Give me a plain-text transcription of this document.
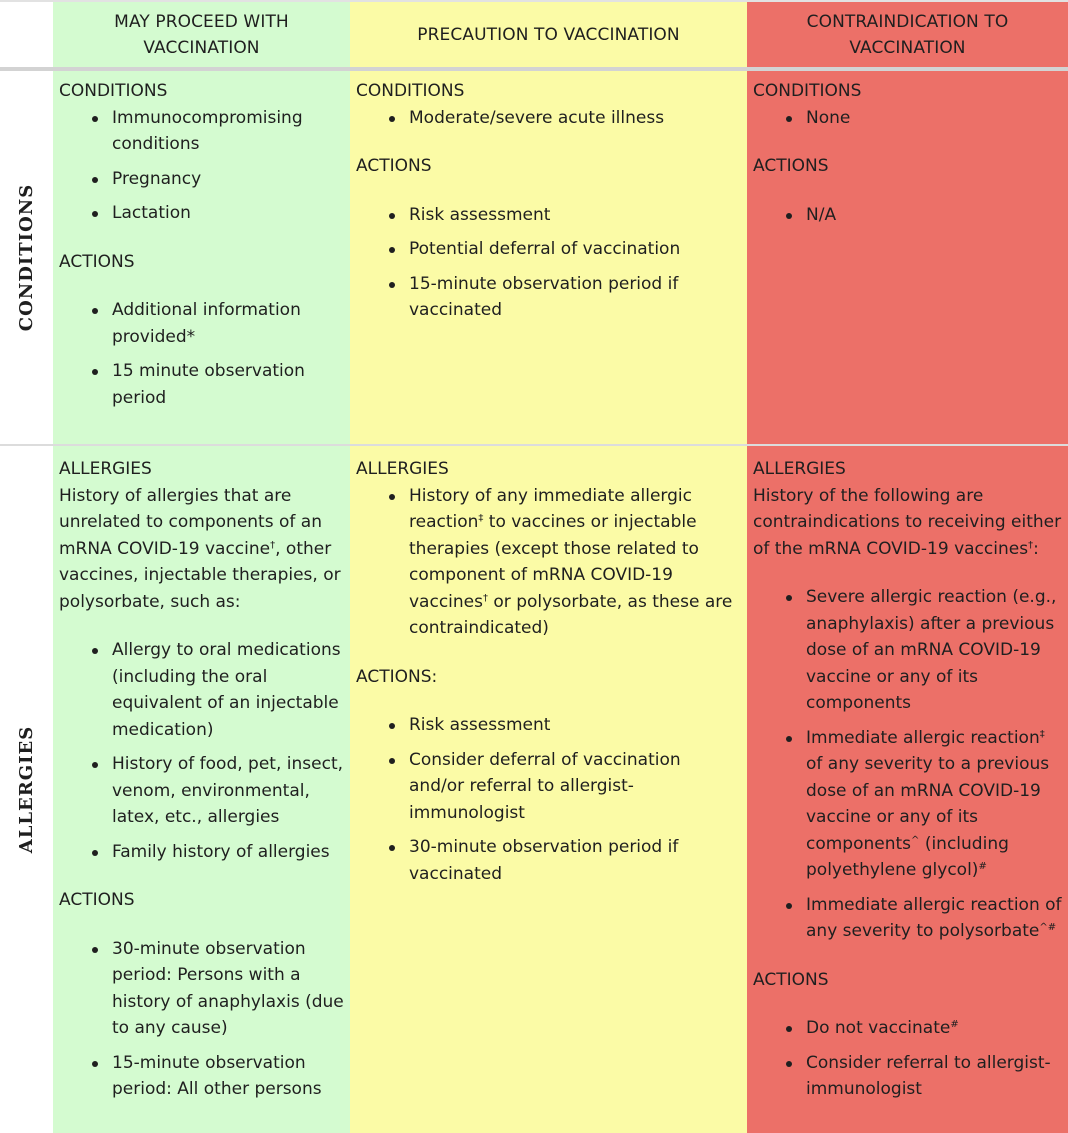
MAY PROCEED WITH VACCINATION
PRECAUTION TO VACCINATION
CONTRAINDICATION TO VACCINATION
CONDITIONS

CONDITIONS

Immunocompromising conditions
Pregnancy
Lactation

ACTIONS

Additional information provided*
15 minute observation period

CONDITIONS

Moderate/severe acute illness

ACTIONS

Risk assessment
Potential deferral of vaccination
15-minute observation period if vaccinated

CONDITIONS

None

ACTIONS

N/A
ALLERGIES

ALLERGIES

History of allergies that are unrelated to components of an mRNA COVID-19 vaccine†, other vaccines, injectable therapies, or polysorbate, such as:

Allergy to oral medications (including the oral equivalent of an injectable medication)
History of food, pet, insect, venom, environmental, latex, etc., allergies
Family history of allergies

ACTIONS

30-minute observation period: Persons with a history of anaphylaxis (due to any cause)
15-minute observation period: All other persons

ALLERGIES

History of any immediate allergic reaction‡ to vaccines or injectable therapies (except those related to component of mRNA COVID-19 vaccines† or polysorbate, as these are contraindicated)

ACTIONS:

Risk assessment
Consider deferral of vaccination and/or referral to allergist-immunologist
30-minute observation period if vaccinated

ALLERGIES

History of the following are contraindications to receiving either of the mRNA COVID-19 vaccines†:

Severe allergic reaction (e.g., anaphylaxis) after a previous dose of an mRNA COVID-19 vaccine or any of its components
Immediate allergic reaction‡ of any severity to a previous dose of an mRNA COVID-19 vaccine or any of its components^ (including polyethylene glycol)#
Immediate allergic reaction of any severity to polysorbate^#

ACTIONS

Do not vaccinate#
Consider referral to allergist-immunologist
